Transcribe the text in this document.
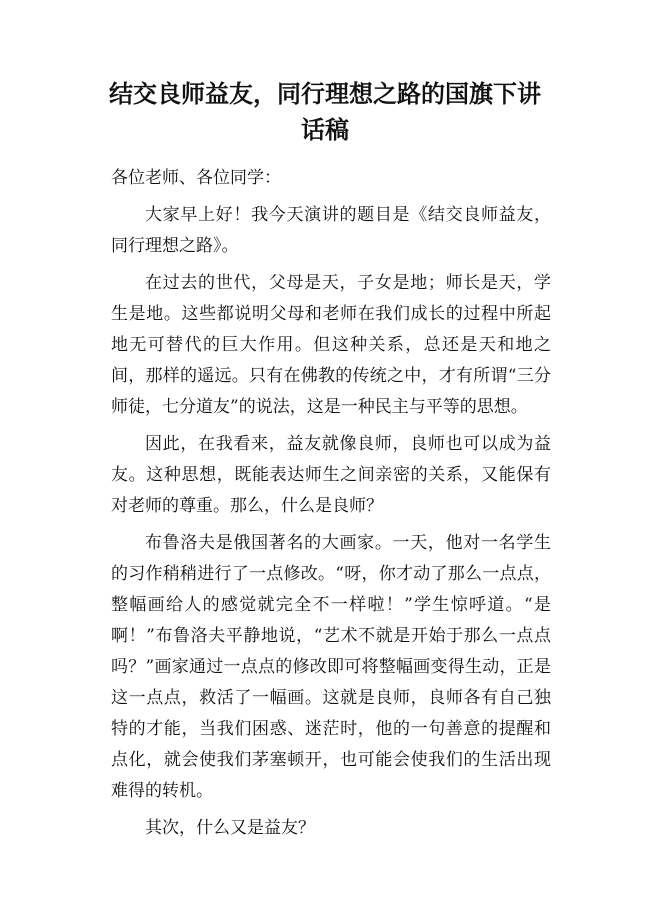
结交良师益友，同行理想之路的国旗下讲
话稿

各位老师、各位同学：

大家早上好！我今天演讲的题目是《结交良师益友，同行理想之路》。

在过去的世代，父母是天，子女是地；师长是天，学生是地。这些都说明父母和老师在我们成长的过程中所起地无可替代的巨大作用。但这种关系，总还是天和地之间，那样的遥远。只有在佛教的传统之中，才有所谓“三分师徒，七分道友”的说法，这是一种民主与平等的思想。

因此，在我看来，益友就像良师，良师也可以成为益友。这种思想，既能表达师生之间亲密的关系，又能保有对老师的尊重。那么，什么是良师？

布鲁洛夫是俄国著名的大画家。一天，他对一名学生的习作稍稍进行了一点修改。“呀，你才动了那么一点点，整幅画给人的感觉就完全不一样啦！”学生惊呼道。“是啊！”布鲁洛夫平静地说，“艺术不就是开始于那么一点点吗？”画家通过一点点的修改即可将整幅画变得生动，正是这一点点，救活了一幅画。这就是良师，良师各有自己独特的才能，当我们困惑、迷茫时，他的一句善意的提醒和点化，就会使我们茅塞顿开，也可能会使我们的生活出现难得的转机。

其次，什么又是益友？
